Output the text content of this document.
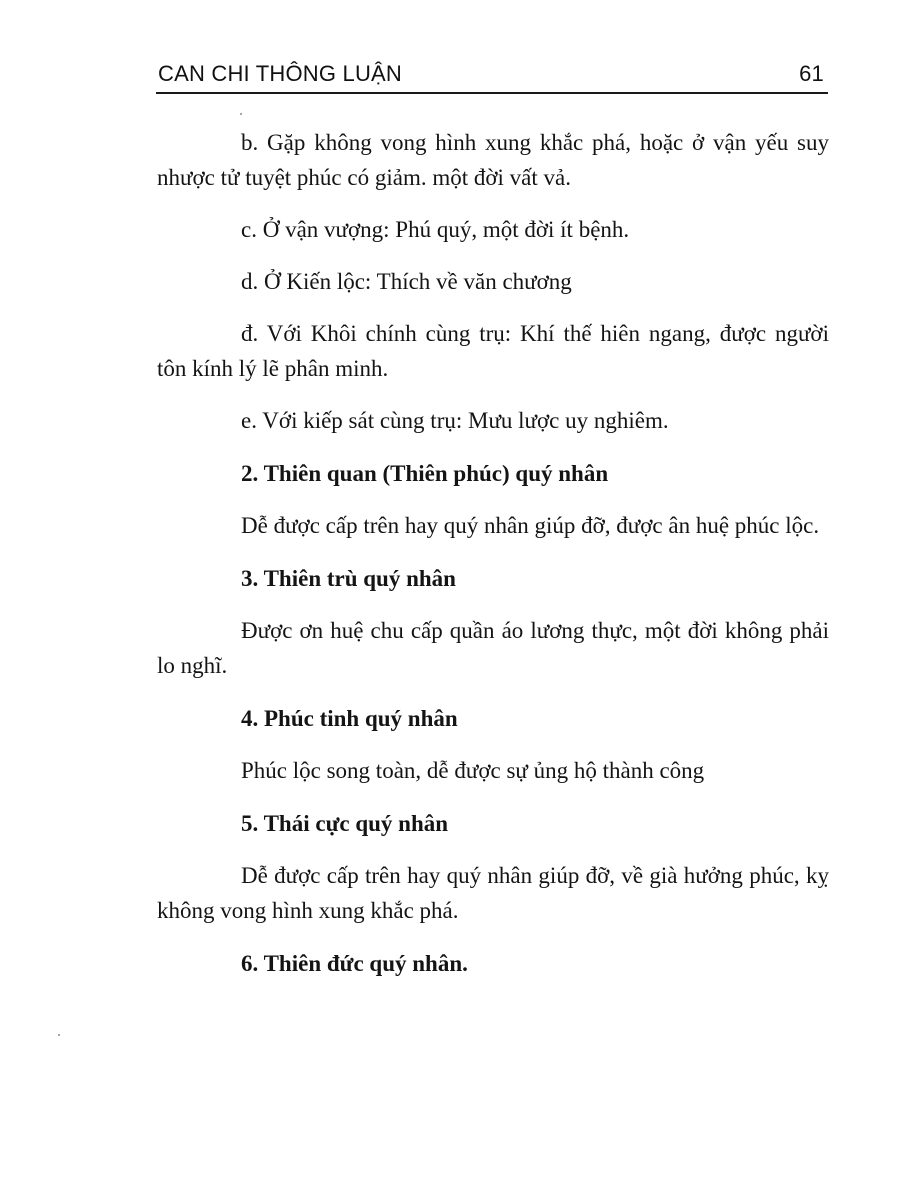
CAN CHI THÔNG LUẬN	61

b. Gặp không vong hình xung khắc phá, hoặc ở vận yếu suy nhược tử tuyệt phúc có giảm. một đời vất vả.

c. Ở vận vượng: Phú quý, một đời ít bệnh.

d. Ở Kiến lộc: Thích về văn chương

đ. Với Khôi chính cùng trụ: Khí thế hiên ngang, được người tôn kính lý lẽ phân minh.

e. Với kiếp sát cùng trụ: Mưu lược uy nghiêm.

2. Thiên quan (Thiên phúc) quý nhân

Dễ được cấp trên hay quý nhân giúp đỡ, được ân huệ phúc lộc.

3. Thiên trù quý nhân

Được ơn huệ chu cấp quần áo lương thực, một đời không phải lo nghĩ.

4. Phúc tinh quý nhân

Phúc lộc song toàn, dễ được sự ủng hộ thành công

5. Thái cực quý nhân

Dễ được cấp trên hay quý nhân giúp đỡ, về già hưởng phúc, kỵ không vong hình xung khắc phá.

6. Thiên đức quý nhân.
